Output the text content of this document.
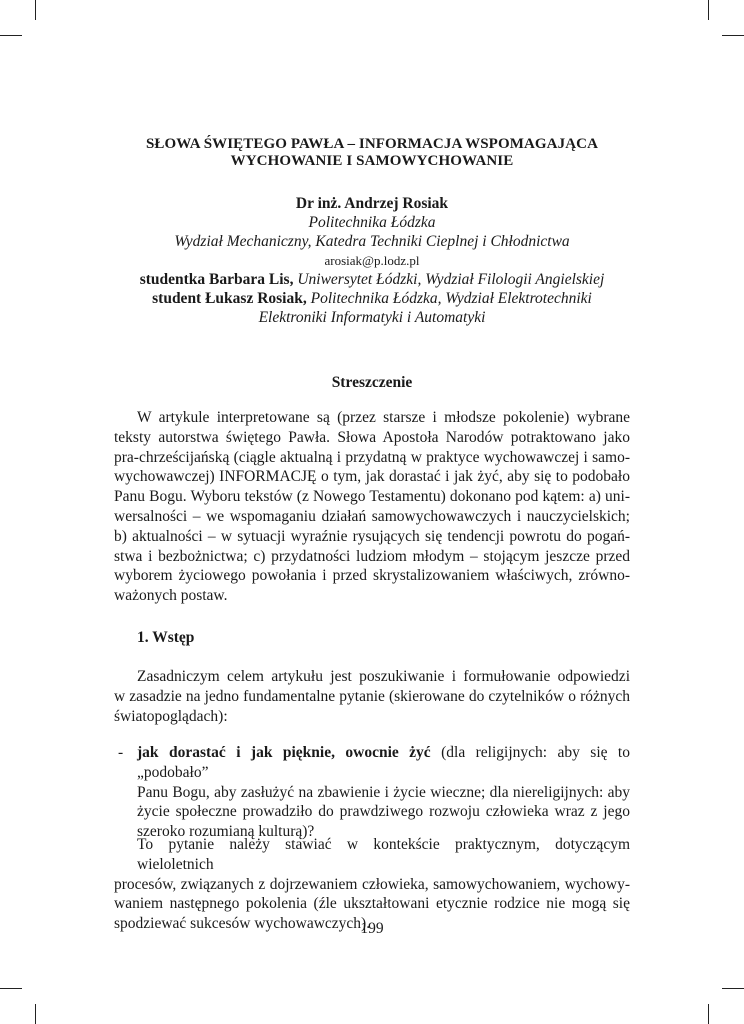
SŁOWA ŚWIĘTEGO PAWŁA – INFORMACJA WSPOMAGAJĄCA
WYCHOWANIE I SAMOWYCHOWANIE
Dr inż. Andrzej Rosiak
Politechnika Łódzka
Wydział Mechaniczny, Katedra Techniki Cieplnej i Chłodnictwa
arosiak@p.lodz.pl
studentka Barbara Lis, Uniwersytet Łódzki, Wydział Filologii Angielskiej
student Łukasz Rosiak, Politechnika Łódzka, Wydział Elektrotechniki
Elektroniki Informatyki i Automatyki
Streszczenie
W artykule interpretowane są (przez starsze i młodsze pokolenie) wybrane
teksty autorstwa świętego Pawła. Słowa Apostoła Narodów potraktowano jako
pra-chrześcijańską (ciągle aktualną i przydatną w praktyce wychowawczej i samo-
wychowawczej) INFORMACJĘ o tym, jak dorastać i jak żyć, aby się to podobało
Panu Bogu. Wyboru tekstów (z Nowego Testamentu) dokonano pod kątem: a) uni-
wersalności – we wspomaganiu działań samowychowawczych i nauczycielskich;
b) aktualności – w sytuacji wyraźnie rysujących się tendencji powrotu do pogań-
stwa i bezbożnictwa; c) przydatności ludziom młodym – stojącym jeszcze przed
wyborem życiowego powołania i przed skrystalizowaniem właściwych, zrówno-
ważonych postaw.
1. Wstęp
Zasadniczym celem artykułu jest poszukiwanie i formułowanie odpowiedzi
w zasadzie na jedno fundamentalne pytanie (skierowane do czytelników o różnych
światopoglądach):
- jak dorastać i jak pięknie, owocnie żyć (dla religijnych: aby się to „podobało”
Panu Bogu, aby zasłużyć na zbawienie i życie wieczne; dla niereligijnych: aby
życie społeczne prowadziło do prawdziwego rozwoju człowieka wraz z jego
szeroko rozumianą kulturą)?
To pytanie należy stawiać w kontekście praktycznym, dotyczącym wieloletnich
procesów, związanych z dojrzewaniem człowieka, samowychowaniem, wychowy-
waniem następnego pokolenia (źle ukształtowani etycznie rodzice nie mogą się
spodziewać sukcesów wychowawczych).
199
